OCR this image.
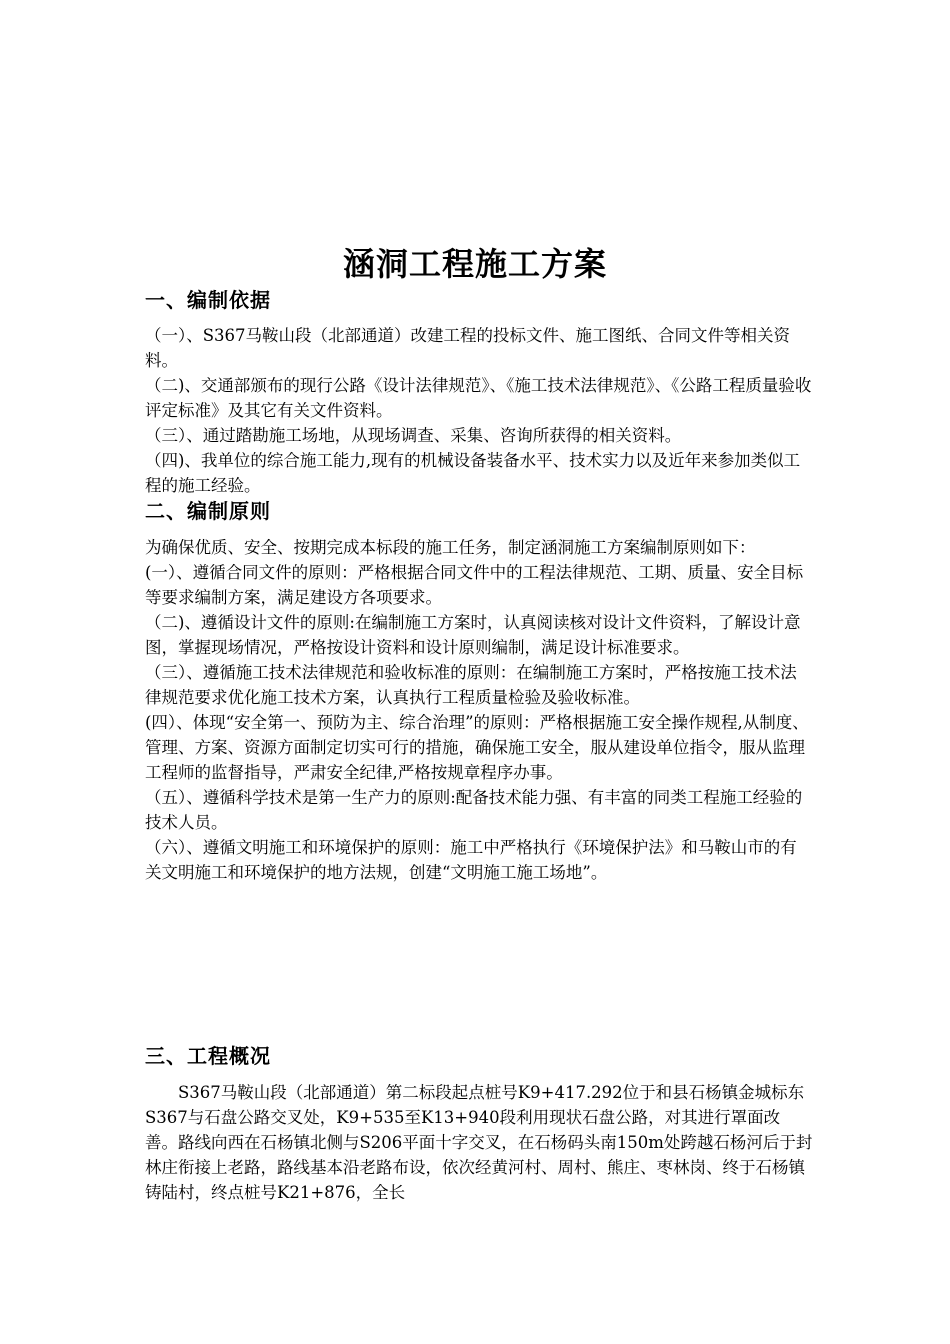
涵洞工程施工方案
一、编制依据

（一）、S367马鞍山段（北部通道）改建工程的投标文件、施工图纸、合同文件等相关资料。

（二)、交通部颁布的现行公路《设计法律规范》、《施工技术法律规范》、《公路工程质量验收评定标准》及其它有关文件资料。

（三）、通过踏勘施工场地，从现场调查、采集、咨询所获得的相关资料。

（四)、我单位的综合施工能力,现有的机械设备装备水平、技术实力以及近年来参加类似工程的施工经验。

二、编制原则

为确保优质、安全、按期完成本标段的施工任务，制定涵洞施工方案编制原则如下：

(一）、遵循合同文件的原则：严格根据合同文件中的工程法律规范、工期、质量、安全目标等要求编制方案，满足建设方各项要求。

（二)、遵循设计文件的原则:在编制施工方案时，认真阅读核对设计文件资料，了解设计意图，掌握现场情况，严格按设计资料和设计原则编制，满足设计标准要求。

（三）、遵循施工技术法律规范和验收标准的原则：在编制施工方案时，严格按施工技术法律规范要求优化施工技术方案，认真执行工程质量检验及验收标准。

(四）、体现“安全第一、预防为主、综合治理”的原则：严格根据施工安全操作规程,从制度、管理、方案、资源方面制定切实可行的措施，确保施工安全，服从建设单位指令，服从监理工程师的监督指导，严肃安全纪律,严格按规章程序办事。

（五）、遵循科学技术是第一生产力的原则:配备技术能力强、有丰富的同类工程施工经验的技术人员。

（六）、遵循文明施工和环境保护的原则：施工中严格执行《环境保护法》和马鞍山市的有关文明施工和环境保护的地方法规，创建“文明施工施工场地”。

三、工程概况

S367马鞍山段（北部通道）第二标段起点桩号K9+417.292位于和县石杨镇金城标东S367与石盘公路交叉处，K9+535至K13+940段利用现状石盘公路，对其进行罩面改善。路线向西在石杨镇北侧与S206平面十字交叉，在石杨码头南150m处跨越石杨河后于封林庄衔接上老路，路线基本沿老路布设，依次经黄河村、周村、熊庄、枣林岗、终于石杨镇铸陆村，终点桩号K21+876，全长
